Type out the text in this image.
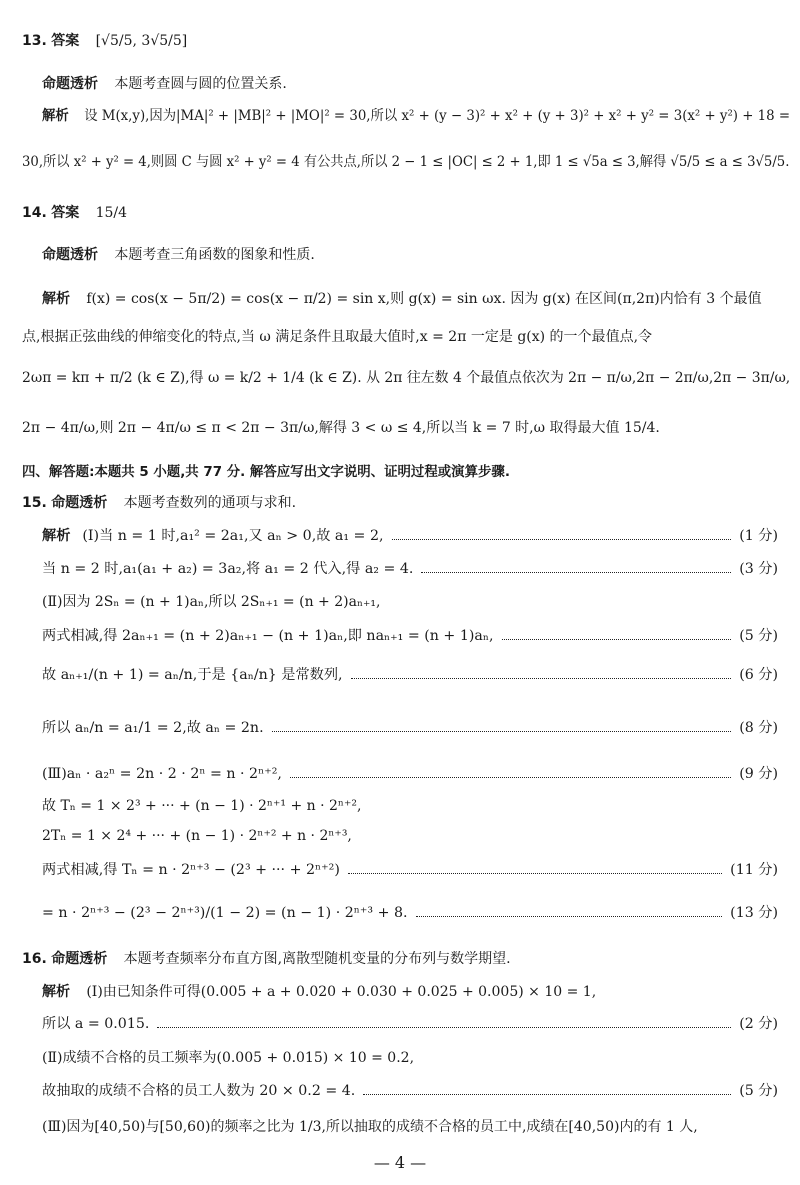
13. 答案 [√5/5, 3√5/5]
命题透析 本题考查圆与圆的位置关系.
解析 设 M(x,y),因为|MA|² + |MB|² + |MO|² = 30,所以 x² + (y − 3)² + x² + (y + 3)² + x² + y² = 3(x² + y²) + 18 =
30,所以 x² + y² = 4,则圆 C 与圆 x² + y² = 4 有公共点,所以 2 − 1 ≤ |OC| ≤ 2 + 1,即 1 ≤ √5a ≤ 3,解得 √5/5 ≤ a ≤ 3√5/5.
14. 答案 15/4
命题透析 本题考查三角函数的图象和性质.
解析 f(x) = cos(x − 5π/2) = cos(x − π/2) = sin x,则 g(x) = sin ωx. 因为 g(x) 在区间(π,2π)内恰有 3 个最值
点,根据正弦曲线的伸缩变化的特点,当 ω 满足条件且取最大值时,x = 2π 一定是 g(x) 的一个最值点,令
2ωπ = kπ + π/2 (k ∈ Z),得 ω = k/2 + 1/4 (k ∈ Z). 从 2π 往左数 4 个最值点依次为 2π − π/ω,2π − 2π/ω,2π − 3π/ω,
2π − 4π/ω,则 2π − 4π/ω ≤ π < 2π − 3π/ω,解得 3 < ω ≤ 4,所以当 k = 7 时,ω 取得最大值 15/4.
四、解答题:本题共 5 小题,共 77 分. 解答应写出文字说明、证明过程或演算步骤.
15. 命题透析 本题考查数列的通项与求和.
解析 (Ⅰ)当 n = 1 时,a₁² = 2a₁,又 aₙ > 0,故 a₁ = 2,	(1 分)
当 n = 2 时,a₁(a₁ + a₂) = 3a₂,将 a₁ = 2 代入,得 a₂ = 4.	(3 分)
(Ⅱ)因为 2Sₙ = (n + 1)aₙ,所以 2Sₙ₊₁ = (n + 2)aₙ₊₁,
两式相减,得 2aₙ₊₁ = (n + 2)aₙ₊₁ − (n + 1)aₙ,即 naₙ₊₁ = (n + 1)aₙ,	(5 分)
故 aₙ₊₁/(n + 1) = aₙ/n,于是 {aₙ/n} 是常数列,	(6 分)
所以 aₙ/n = a₁/1 = 2,故 aₙ = 2n.	(8 分)
(Ⅲ)aₙ · a₂ⁿ = 2n · 2 · 2ⁿ = n · 2ⁿ⁺²,	(9 分)
故 Tₙ = 1 × 2³ + ··· + (n − 1) · 2ⁿ⁺¹ + n · 2ⁿ⁺²,
2Tₙ = 1 × 2⁴ + ··· + (n − 1) · 2ⁿ⁺² + n · 2ⁿ⁺³,
两式相减,得 Tₙ = n · 2ⁿ⁺³ − (2³ + ··· + 2ⁿ⁺²)	(11 分)
= n · 2ⁿ⁺³ − (2³ − 2ⁿ⁺³)/(1 − 2) = (n − 1) · 2ⁿ⁺³ + 8.	(13 分)
16. 命题透析 本题考查频率分布直方图,离散型随机变量的分布列与数学期望.
解析 (Ⅰ)由已知条件可得(0.005 + a + 0.020 + 0.030 + 0.025 + 0.005) × 10 = 1,
所以 a = 0.015.	(2 分)
(Ⅱ)成绩不合格的员工频率为(0.005 + 0.015) × 10 = 0.2,
故抽取的成绩不合格的员工人数为 20 × 0.2 = 4.	(5 分)
(Ⅲ)因为[40,50)与[50,60)的频率之比为 1/3,所以抽取的成绩不合格的员工中,成绩在[40,50)内的有 1 人,
— 4 —
